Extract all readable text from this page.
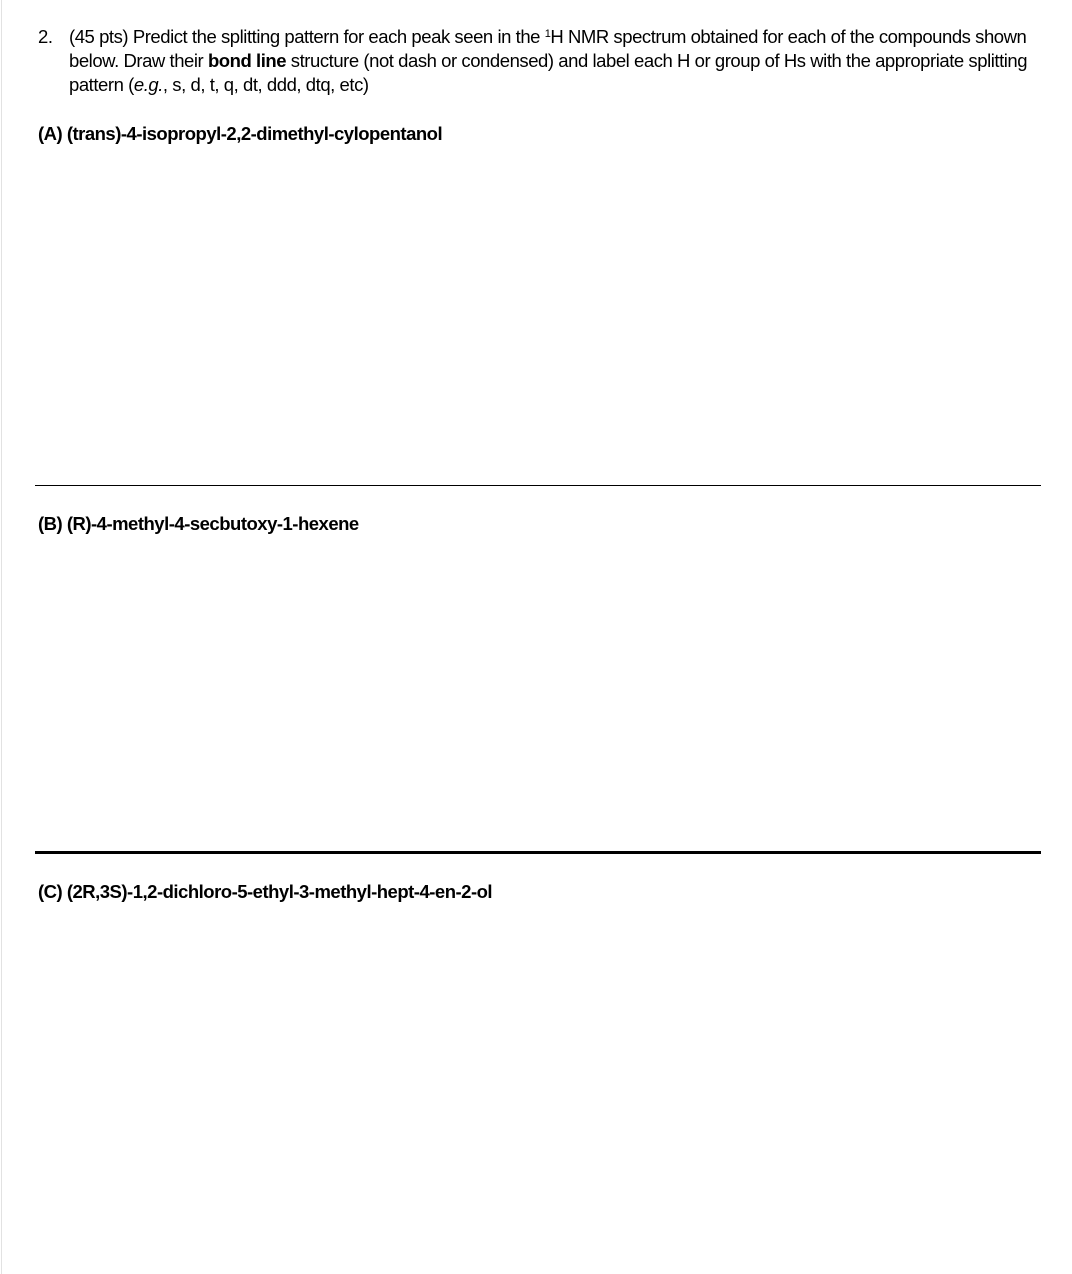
2. (45 pts) Predict the splitting pattern for each peak seen in the $^1$H NMR spectrum obtained for each of the compounds shown below. Draw their bond line structure (not dash or condensed) and label each H or group of Hs with the appropriate splitting pattern (e.g., s, d, t, q, dt, ddd, dtq, etc)
(A) (trans)-4-isopropyl-2,2-dimethyl-cylopentanol
(B) (R)-4-methyl-4-secbutoxy-1-hexene
(C) (2R,3S)-1,2-dichloro-5-ethyl-3-methyl-hept-4-en-2-ol
